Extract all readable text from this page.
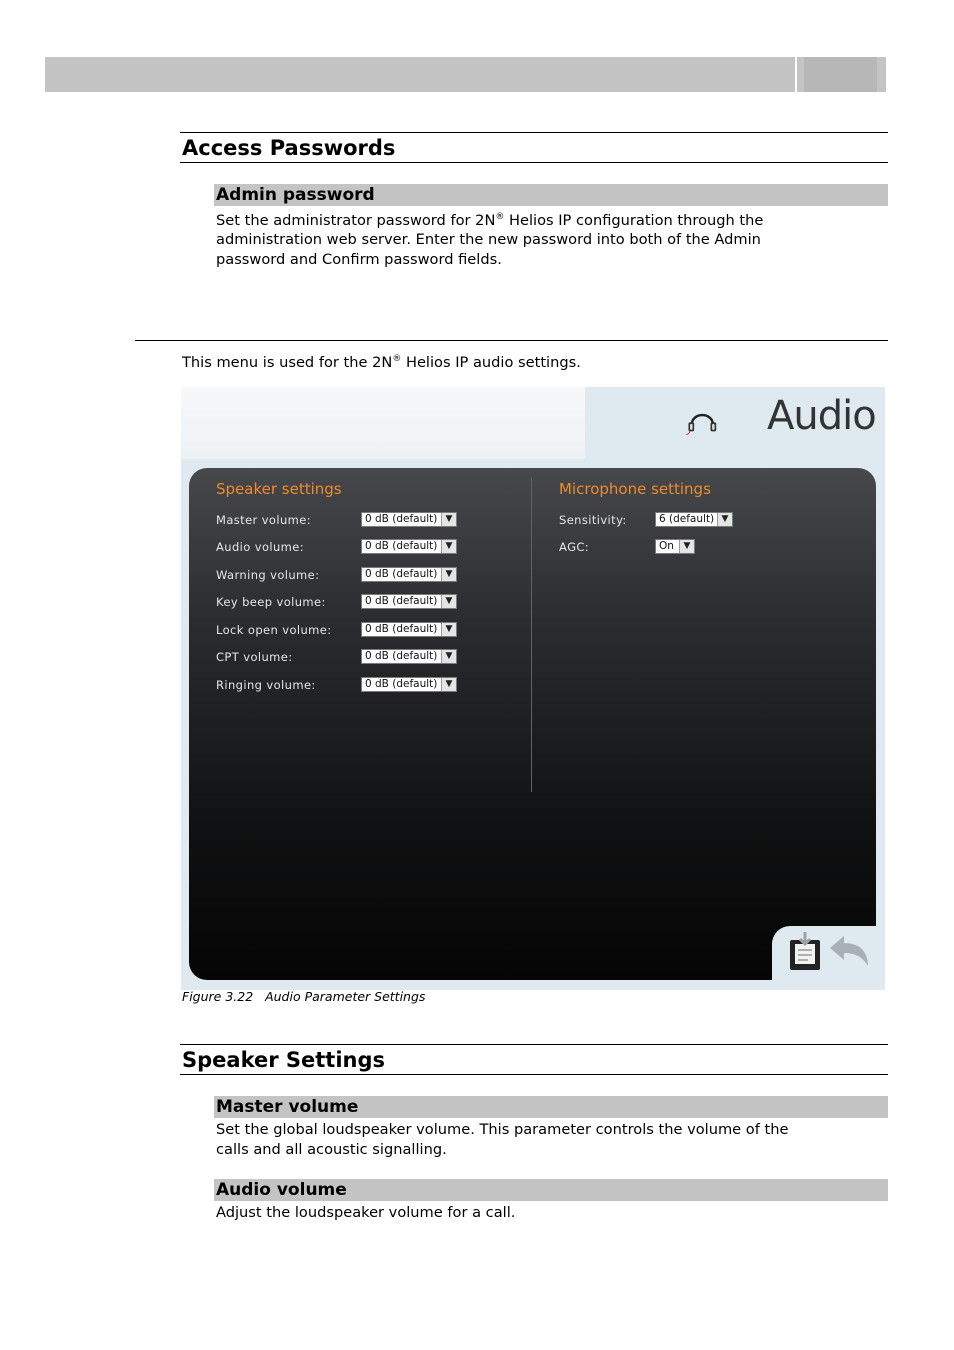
Access Passwords
Admin password
Set the administrator password for 2N® Helios IP configuration through the
administration web server. Enter the new password into both of the Admin
password and Confirm password fields.
This menu is used for the 2N® Helios IP audio settings.
Audio
Speaker settings	Microphone settings
Master volume:	0 dB (default) ▼
Audio volume:	0 dB (default) ▼
Warning volume:	0 dB (default) ▼
Key beep volume:	0 dB (default) ▼
Lock open volume:	0 dB (default) ▼
CPT volume:	0 dB (default) ▼
Ringing volume:	0 dB (default) ▼
Sensitivity:	6 (default) ▼
AGC:	On	▼
Figure 3.22   Audio Parameter Settings
Speaker Settings
Master volume
Set the global loudspeaker volume. This parameter controls the volume of the
calls and all acoustic signalling.
Audio volume
Adjust the loudspeaker volume for a call.
